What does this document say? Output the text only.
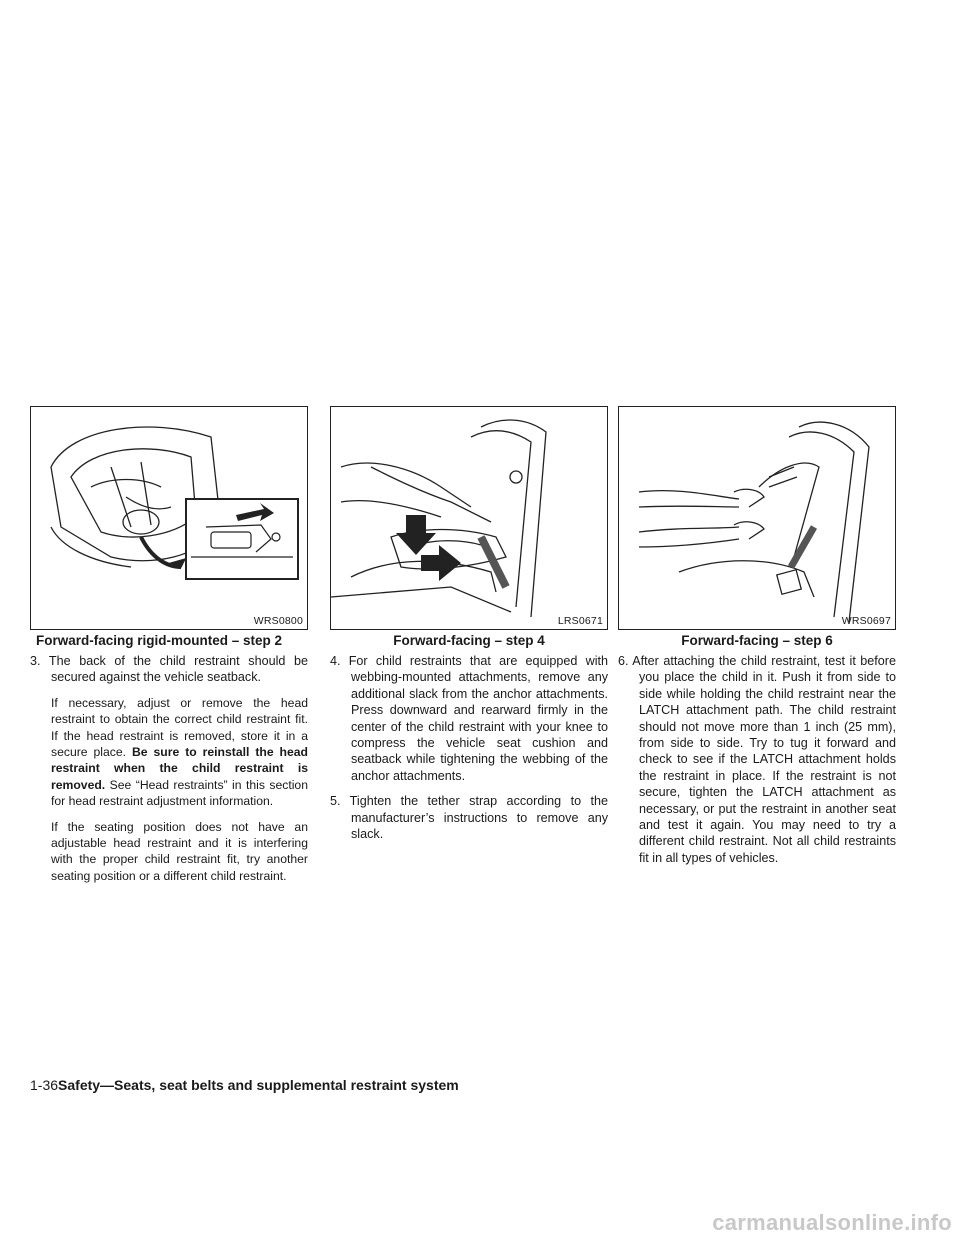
WRS0800
Forward-facing rigid-mounted – step 2

3. The back of the child restraint should be secured against the vehicle seatback.

If necessary, adjust or remove the head restraint to obtain the correct child restraint fit. If the head restraint is removed, store it in a secure place. Be sure to reinstall the head restraint when the child restraint is removed. See “Head restraints” in this section for head restraint adjustment information.

If the seating position does not have an adjustable head restraint and it is interfering with the proper child restraint fit, try another seating position or a different child restraint.

LRS0671
Forward-facing – step 4

4. For child restraints that are equipped with webbing-mounted attachments, remove any additional slack from the anchor attachments. Press downward and rearward firmly in the center of the child restraint with your knee to compress the vehicle seat cushion and seatback while tightening the webbing of the anchor attachments.

5. Tighten the tether strap according to the manufacturer’s instructions to remove any slack.

WRS0697
Forward-facing – step 6

6. After attaching the child restraint, test it before you place the child in it. Push it from side to side while holding the child restraint near the LATCH attachment path. The child restraint should not move more than 1 inch (25 mm), from side to side. Try to tug it forward and check to see if the LATCH attachment holds the restraint in place. If the restraint is not secure, tighten the LATCH attachment as necessary, or put the restraint in another seat and test it again. You may need to try a different child restraint. Not all child restraints fit in all types of vehicles.

1-36Safety—Seats, seat belts and supplemental restraint system
carmanualsonline.info
